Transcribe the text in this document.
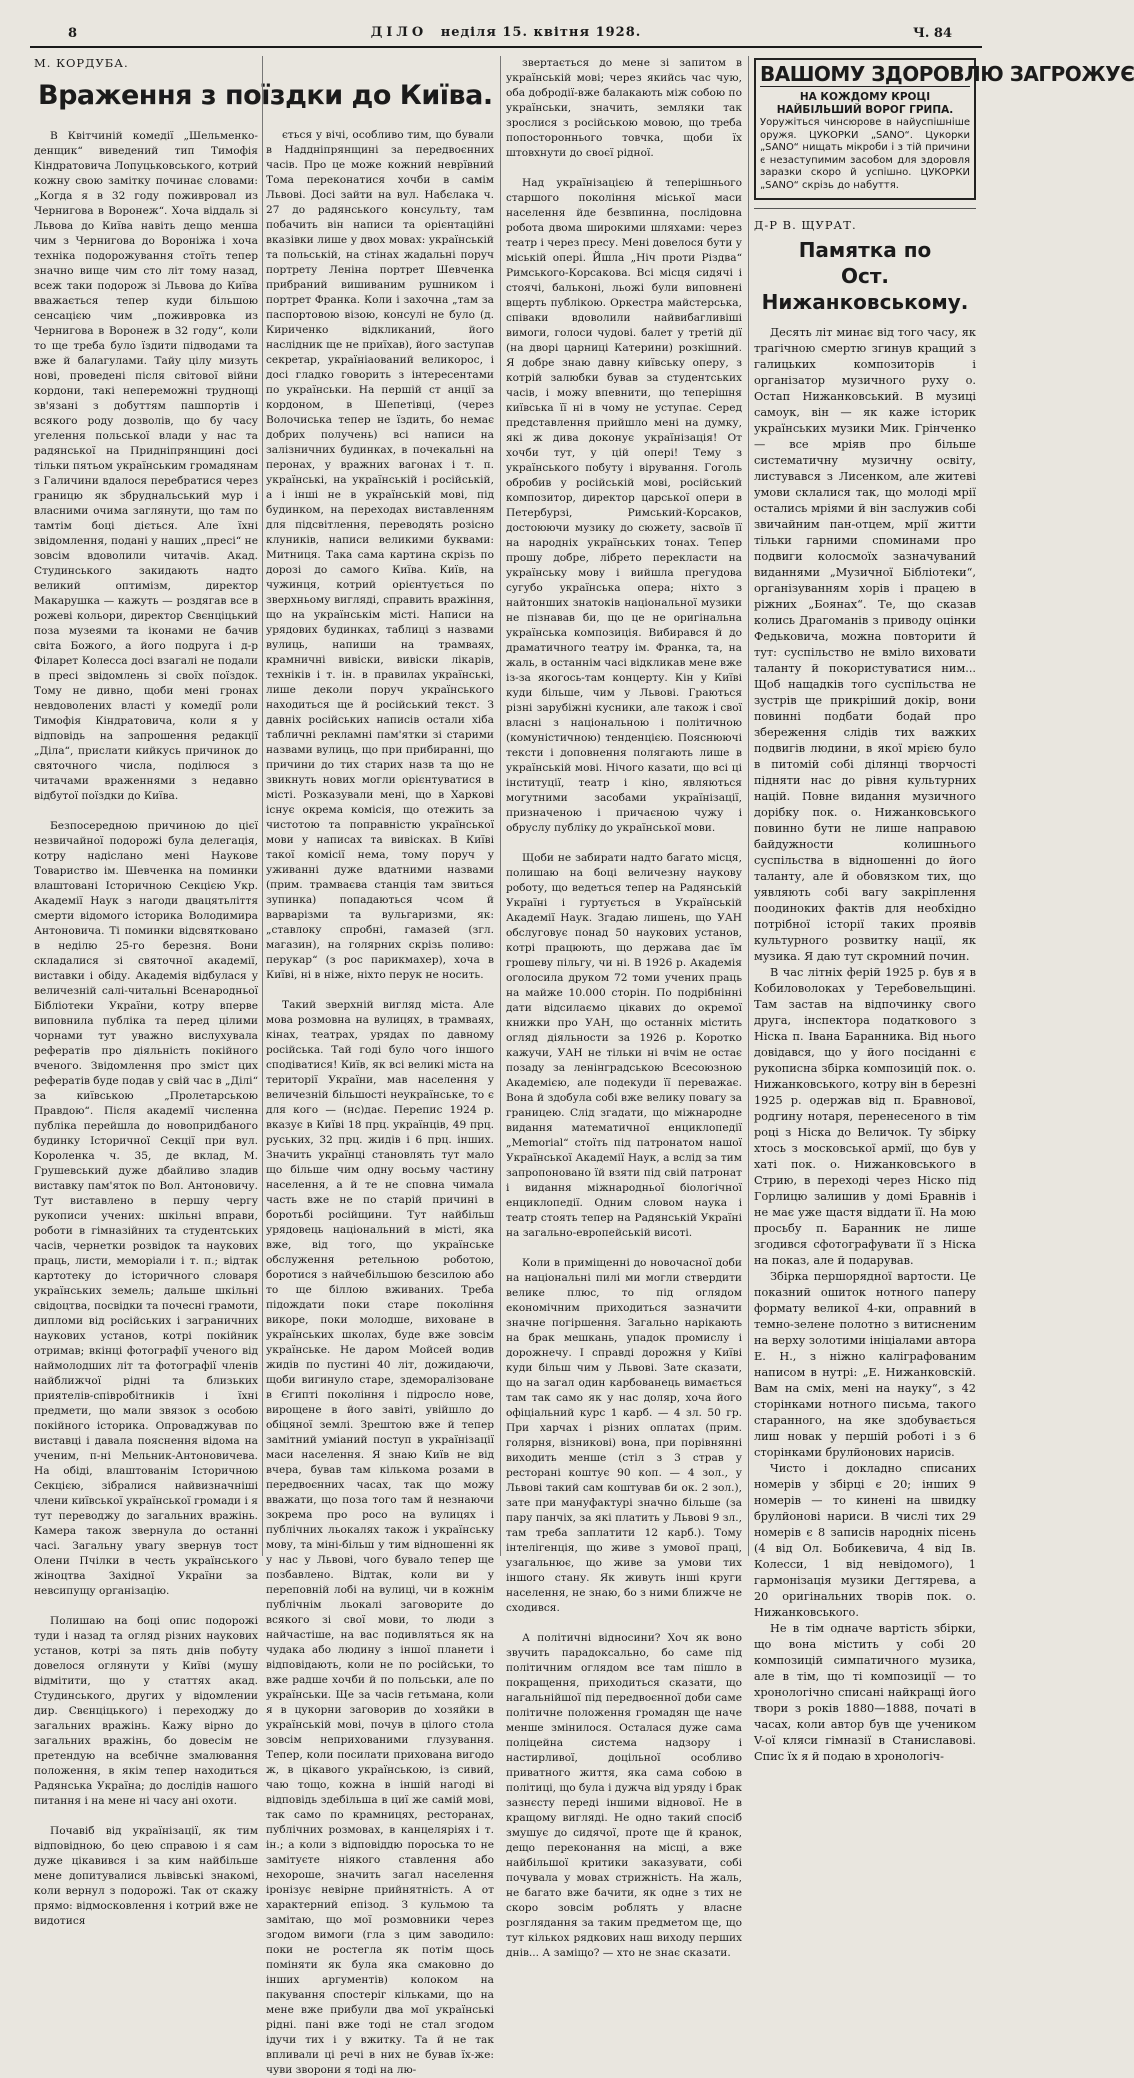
8	ДІЛО неділя 15. квітня 1928.	Ч. 84

М. КОРДУБА.

Враження з поїздки до Київа.

В Квітчиній комедії „Шельменко-денщик“ виведений тип Тимофія Кіндратовича Лопуцьковського, котрий кожну свою замітку починає словами: „Когда я в 32 году поживровал из Чернигова в Воронеж“. Хоча віддаль зі Львова до Київа навіть дещо менша чим з Чернигова до Вороніжа і хоча техніка подорожування стоїть тепер значно вище чим сто літ тому назад, всеж таки подорож зі Львова до Київа вважається тепер куди більшою сенсацією чим „поживровка из Чернигова в Воронеж в 32 году“, коли то ще треба було їздити підводами та вже й балагулами. Тайу цілу мизуть нові, проведені після світової війни кордони, такі непереможні труднощі зв'язані з добуттям пашпортів і всякого роду дозволів, що бу часу угелення польської влади у нас та радянської на Придніпрянщині досі тільки пятьом українським громадянам з Галичини вдалося перебратися через границю як збруднальський мур і власними очима заглянути, що там по тамтім боці діється. Але їхні звідомлення, подані у наших „пресі“ не зовсім вдоволили читачів. Акад. Студинського закидають надто великий оптимізм, директор Макарушка — кажуть — роздягав все в рожеві кольори, директор Свєнціцький поза музеями та іконами не бачив світа Божого, а його подруга і д-р Філарет Колесса досі взагалі не подали в пресі звідомлень зі своїх поїздок. Тому не дивно, щоби мені гронах невдоволених власті у комедії роли Тимофія Кіндратовича, коли я у відповідь на запрошення редакції „Діла“, прислати кийкусь причинок до святочного числа, поділюся з читачами враженнями з недавно відбутої поїздки до Київа.

Безпосередною причиною до цієї незвичайної подорожі була делегація, котру надіслано мені Наукове Товариство ім. Шевченка на поминки влаштовані Історичною Секцією Укр. Академії Наук з нагоди двацятьліття смерти відомого історика Володимира Антоновича. Ті поминки відсвятковано в неділю 25-го березня. Вони складалися зі святочної академії, виставки і обіду. Академія відбулася у величезній салі-читальні Всенародньої Бібліотеки України, котру вперве виповнила публіка та перед цілими чорнами тут уважно вислухувала рефератів про діяльність покійного вченого. Звідомлення про зміст цих рефератів буде подав у свій час в „Ділі“ за київською „Пролетарською Правдою“. Після академії численна публіка перейшла до новопридбаного будинку Історичної Секції при вул. Короленка ч. 35, де вклад, М. Грушевський дуже дбайливо зладив виставку пам'яток по Вол. Антоновичу. Тут виставлено в першу чергу рукописи учених: шкільні вправи, роботи в гімназійних та студентських часів, чернетки розвідок та наукових праць, листи, меморіали і т. п.; відтак картотеку до історичного словаря українських земель; дальше шкільні свідоцтва, посвідки та почесні грамоти, дипломи від російських і заграничних наукових установ, котрі покійник отримав; вкінці фотографії ученого від наймолодших літ та фотографії членів найближчої рідні та близьких приятелів-співробітників і їхні предмети, що мали звязок з особою покійного історика. Опроваджував по виставці і давала пояснення відома на ученим, п-ні Мельник-Антоновичева. На обіді, влаштованім Історичною Секцією, зібралися найвизначніші члени київської української громади і я тут переводжу до загальних вражінь. Камера також звернула до останні часі. Загальну увагу звернув тост Олени Пчілки в честь українського жіноцтва Західної України за невсипущу організацію.

Полишаю на боці опис подорожі туди і назад та огляд різних наукових установ, котрі за пять днів побуту довелося оглянути у Київі (мушу відмітити, що у статтях акад. Студинського, других у відомлении дир. Свєнціцького) і переходжу до загальних вражінь. Кажу вірно до загальних вражінь, бо довесім не претендую на всебічне змалювання положення, в якім тепер находиться Радянська Україна; до дослідів нашого питання і на мене ні часу ані охоти.

Почавіб від українізації, як тим відповідною, бо цею справою і я сам дуже цікавився і за ким найбільше мене допитувалися львівські знакомі, коли вернул з подорожі. Так от скажу прямо: відмосковлення і котрий вже не видотися

ється у вічі, особливо тим, що бували в Наддніпрянщині за передвоєнних часів. Про це може кожний неврївний Тома переконатися хочби в самім Львові. Досі зайти на вул. Набєлака ч. 27 до радянського консульту, там побачить він написи та орієнтаційні вказівки лише у двох мовах: українській та польській, на стінах жадальні поруч портрету Леніна портрет Шевченка прибраний вишиваним рушником і портрет Франка. Коли і захочна „там за паспортовою візою, консулі не було (д. Кириченко відкликаний, його наслідник ще не приїхав), його заступав секретар, україніаований великорос, і досі гладко говорить з інтересентами по українськи. На першій ст анції за кордоном, в Шепетівці, (через Волочиська тепер не їздить, бо немає добрих получень) всі написи на залізничних будинках, в почекальні на перонах, у вражних вагонах і т. п. українські, на українській і російській, а і інші не в українській мові, під будинком, на переходах виставленням для підсвітлення, переводять розісно клуників, написи великими буквами: Митниця. Така сама картина скрізь по дорозі до самого Київа. Київ, на чужинця, котрий орієнтується по зверхньому вигляді, справить вражіння, що на українськім місті. Написи на урядових будинках, таблиці з назвами вулиць, напиши на трамваях, крамничні вивіски, вивіски лікарів, техніків і т. ін. в правилах українські, лише деколи поруч українського находиться ще й російський текст. З давніх російських написів остали хіба табличні рекламні пам'ятки зі старими назвами вулиць, що при прибиранні, що причини до тих старих назв та що не звикнуть нових могли орієнтуватися в місті. Розказували мені, що в Харкові існує окрема комісія, що отежить за чистотою та поправністю української мови у написах та вивісках. В Київі такої комісії нема, тому поруч у уживанні дуже вдатними назвами (прим. трамваєва станція там звиться зупинка) попадаються чсом й варварізми та вульгаризми, як: „ставлоку спробні, гамазей (згл. магазин), на голярних скрізь поливо: перукар“ (з рос парикмахер), хоча в Київі, ні в ніже, ніхто перук не носить.

Такий зверхній вигляд міста. Але мова розмовна на вулицях, в трамваях, кінах, театрах, урядах по давному російська. Тай годі було чого іншого сподіватися! Київ, як всі великі міста на території України, мав населення у величезній більшості неукраїнське, то є для кого — (нс)дає. Перепис 1924 р. вказує в Київі 18 прц. українців, 49 прц. руських, 32 прц. жидів і 6 прц. інших. Значить українці становлять тут мало що більше чим одну восьму частину населення, а й те не сповна чимала часть вже не по старій причині в боротьбі російщини. Тут найбільш урядовець національний в місті, яка вже, від того, що українське обслуження ретельною роботою, боротися з найчебільшою безсилою або то ще біллою вживаних. Треба підождати поки старе покоління викоре, поки молодше, виховане в українських школах, буде вже зовсім українське. Не даром Мойсей водив жидів по пустині 40 літ, дожидаючи, щоби вигинуло старе, здеморалізоване в Єгипті покоління і підросло нове, вирощене в його завіті, увійшло до обіцяної землі. Зрештою вже й тепер замітний уміаний поступ в українізації маси населення. Я знаю Київ не від вчера, бував там кількома розами в передвоєнних часах, так що можу вважати, що поза того там й незнаючи зокрема про росо на вулицях і публічних льокалях також і українську мову, та міні-більш у тим відношенні як у нас у Львові, чого бувало тепер ще позбавлено. Відтак, коли ви у переповній лобі на вулиці, чи в кожнім публічнім льокалі заговорите до всякого зі свої мови, то люди з найчастіше, на вас подивляться як на чудака або людину з іншої планети і відповідають, коли не по російськи, то вже радше хочби й по польськи, але по українськи. Ще за часів гетьмана, коли я в цукорни заговорив до хозяйки в українській мові, почув в цілого стола зовсім неприхованими глузування. Тепер, коли посилати прихована вигодо ж, в цікавого українською, із сивий, чаю тощо, кожна в іншій нагоді ві відповідь здебільша в циї же самій мові, так само по крамницях, ресторанах, публічних розмовах, в канцеляріях і т. ін.; а коли з відповіддю пороська то не замітуєте ніякого ставлення або нехороше, значить загал населення іронізує невірне прийнятність. А от характерний епізод. З кульмою та замітаю, що мої розмовники через згодом вимоги (гла з цим заводило: поки не ростегла як потім щось поміняти як була яка смаковно до інших аргументів) колоком на пакування спостеріг кільками, що на мене вже прибули два мої українські рідні. пані вже тоді не стал згодом ідучи тих і у вжитку. Та й не так впливали ці речі в них не бував їх-же: чуви зворони я тоді на лю-

звертається до мене зі запитом в українській мові; через якийсь час чую, оба добродії-вже балакають між собою по українськи, значить, земляки так зрослися з російською мовою, що треба попостороннього товчка, щоби їх штовхнути до своєї рідної.

Над українізацією й теперішнього старшого покоління міської маси населення йде безвпинна, послідовна робота двома широкими шляхами: через театр і через пресу. Мені довелося бути у міській опері. Йшла „Ніч проти Різдва“ Римського-Корсакова. Всі місця сидячі і стоячі, бальконі, льожі були виповнені вщерть публікою. Оркестра майстерська, співаки вдоволили найвибагливіші вимоги, голоси чудові. балет у третій дії (на дворі царниці Катерини) розкішний. Я добре знаю давну київську оперу, з котрій залюбки бував за студентських часів, і можу впевнити, що теперішня київська її ні в чому не уступає. Серед представлення прийшло мені на думку, які ж дива доконує українізація! От хочби тут, у цій опері! Тему з українського побуту і вірування. Гоголь обробив у російській мові, російський композитор, директор царської опери в Петербурзі, Римський-Корсаков, достоюючи музику до сюжету, засвоїв її на народніх українських тонах. Тепер прошу добре, лібрето перекласти на українську мову і вийшла прегудова сугубо українська опера; ніхто з найтонших знатоків національної музики не пізнавав би, що це не оригінальна українська композиція. Вибирався й до драматичного театру ім. Франка, та, на жаль, в останнім часі відкликав мене вже із-за якогось-там концерту. Кін у Київі куди більше, чим у Львові. Граються різні зарубіжні кусники, але також і свої власні з національною і політичною (комуністичною) тенденцією. Пояснюючі тексти і доповнення полягають лише в українській мові. Нічого казати, що всі ці інституції, театр і кіно, являються могутними засобами українізації, призначеною і причаєною чужу і обруслу публіку до української мови.

Щоби не забирати надто багато місця, полишаю на боці величезну наукову роботу, що ведеться тепер на Радянській Україні і гуртується в Українській Академії Наук. Згадаю лишень, що УАН обслуговує понад 50 наукових установ, котрі працюють, що держава дає їм грошеву пільгу, чи ні. В 1926 р. Академія оголосила друком 72 томи учених праць на майже 10.000 сторін. По подрібнінні дати відсилаємо цікавих до окремої книжки про УАН, що останніх містить огляд діяльности за 1926 р. Коротко кажучи, УАН не тільки ні вчім не остає позаду за ленінградською Всесоюзною Академією, але подекуди її переважає. Вона й здобула собі вже велику повагу за границею. Слід згадати, що міжнародне видання математичної енциклопедії „Memorial“ стоїть під патронатом нашої Української Академії Наук, а вслід за тим запропоновано їй взяти під свій патронат і видання міжнародньої біологічної енциклопедії. Одним словом наука і театр стоять тепер на Радянській Україні на загально-европейській висоті.

Коли в приміщенні до новочасної доби на національні пилі ми могли ствердити велике плюс, то під оглядом економічним приходиться зазначити значне погіршення. Загально нарікають на брак мешкань, упадок промислу і дорожнечу. І справді дорожня у Київі куди більш чим у Львові. Зате сказати, що на загал один карбованець вимається там так само як у нас доляр, хоча його офіціальний курс 1 карб. — 4 зл. 50 гр. При харчах і різних оплатах (прим. голярня, візникові) вона, при порівнянні виходить менше (стіл з 3 страв у ресторані коштує 90 коп. — 4 зол., у Львові такий сам коштував би ок. 2 зол.), зате при мануфактурі значно більше (за пару панчіх, за які платить у Львові 9 зл., там треба заплатити 12 карб.). Тому інтелігенція, що живе з умової праці, узагальнює, що живе за умови тих іншого стану. Як живуть інші круги населення, не знаю, бо з ними ближче не сходився.

А політичні відносини? Хоч як воно звучить парадоксально, бо саме під політичним оглядом все там пішло в покращення, приходиться сказати, що нагальнійшої під передвоєнної доби саме політичне положення громадян ще наче менше змінилося. Осталася дуже сама поліцейна система надзору і настирливої, доцільної особливо приватного життя, яка сама собою в політиці, що була і дужча від уряду і брак зазнєсту переді іншими віднової. Не в кращому вигляді. Не одно такий спосіб змушує до сидячої, проте ще й кранок, дещо переконання на місці, а вже найбільшої критики заказувати, собі почувала у мовах стрижність. На жаль, не багато вже бачити, як одне з тих не скоро зовсім роблять у власне розглядання за таким предметом ще, що тут кількох рядкових наш виходу перших днів... А заміщо? — хто не знає сказати.

ВАШОМУ ЗДОРОВЛЮ ЗАГРОЖУЄ
НА КОЖДОМУ КРОЦІ НАЙБІЛЬШИЙ ВОРОГ ГРИПА.
Уоружіться чинсюрове в найуспішніше оружя. ЦУКОРКИ „SANO“. Цукорки „SANO“ нищать мікроби і з тій причини є незаступимим засобом для здоровля заразки скоро й успішно. ЦУКОРКИ „SANO“ скрізь до набуття.

Д-Р В. ЩУРАТ.

Памятка по
Ост. Нижанковському.

Десять літ минає від того часу, як трагічною смертю згинув кращий з галицьких композиторів і організатор музичного руху о. Остап Нижанковський. В музиці самоук, він — як каже історик українських музики Мик. Грінченко — все мріяв про більше систематичну музичну освіту, листувався з Лисенком, але житеві умови склалися так, що молоді мрії остались мріями й він заслужив собі звичайним пан-отцем, мрії житти тільки гарними споминами про подвиги колосмоїх зазначуваний виданнями „Музичної Бібліотеки“, організуванням хорів і працею в ріжних „Боянах“. Те, що сказав колись Драгоманів з приводу оцінки Федьковича, можна повторити й тут: суспільство не вміло виховати таланту й покористуватися ним... Щоб нащадків того суспільства не зустрів ще прикріший докір, вони повинні подбати бодай про збереження слідів тих важких подвигів людини, в якої мрією було в питомій собі ділянці творчості підняти нас до рівня культурних націй. Повне видання музичного дорібку пок. о. Нижанковського повинно бути не лише направою байдужности колишнього суспільства в відношенні до його таланту, але й обовязком тих, що уявляють собі вагу закріплення поодиноких фактів для необхідно потрібної історії таких проявів культурного розвитку нації, як музика. Я даю тут скромний почин.

В час літніх ферій 1925 р. був я в Кобиловолоках у Теребовельщині. Там застав на відпочинку свого друга, інспектора податкового з Ніска п. Івана Баранника. Від нього довідався, що у його посіданні є рукописна збірка композицій пок. о. Нижанковського, котру він в березні 1925 р. одержав від п. Бравнової, родгину нотаря, перенесеного в тім році з Ніска до Величок. Ту збірку хтось з московської армії, що був у хаті пок. о. Нижанковського в Стрию, в переході через Ніско під Горлицю залишив у домі Бравнів і не має уже щастя віддати її. На мою просьбу п. Баранник не лише згодився сфотографувати її з Ніска на показ, але й подарував.

Збірка першорядної вартости. Це показний ошиток нотного паперу формату великої 4-ки, оправний в темно-зелене полотно з витисненим на верху золотими ініціалами автора Е. Н., з ніжно каліграфованим написом в нутрі: „Е. Нижанковскій. Вам на сміх, мені на науку“, з 42 сторінками нотного письма, такого старанного, на яке здобувається лиш новак у першій роботі і з 6 сторінками брулйонових нарисів.

Чисто і докладно списаних номерів у збірці є 20; інших 9 номерів — то кинені на швидку брулйонові нариси. В числі тих 29 номерів є 8 записів народніх пісень (4 від Ол. Бобикевича, 4 від Ів. Колесси, 1 від невідомого), 1 гармонізація музики Дегтярева, а 20 оригінальних творів пок. о. Нижанковського.

Не в тім одначе вартість збірки, що вона містить у собі 20 композицій симпатичного музика, але в тім, що ті композиції — то хронологічно списані найкращі його твори з років 1880—1888, початі в часах, коли автор був ще учеником V-ої кляси гімназії в Станиславові. Спис їх я й подаю в хронологіч-
